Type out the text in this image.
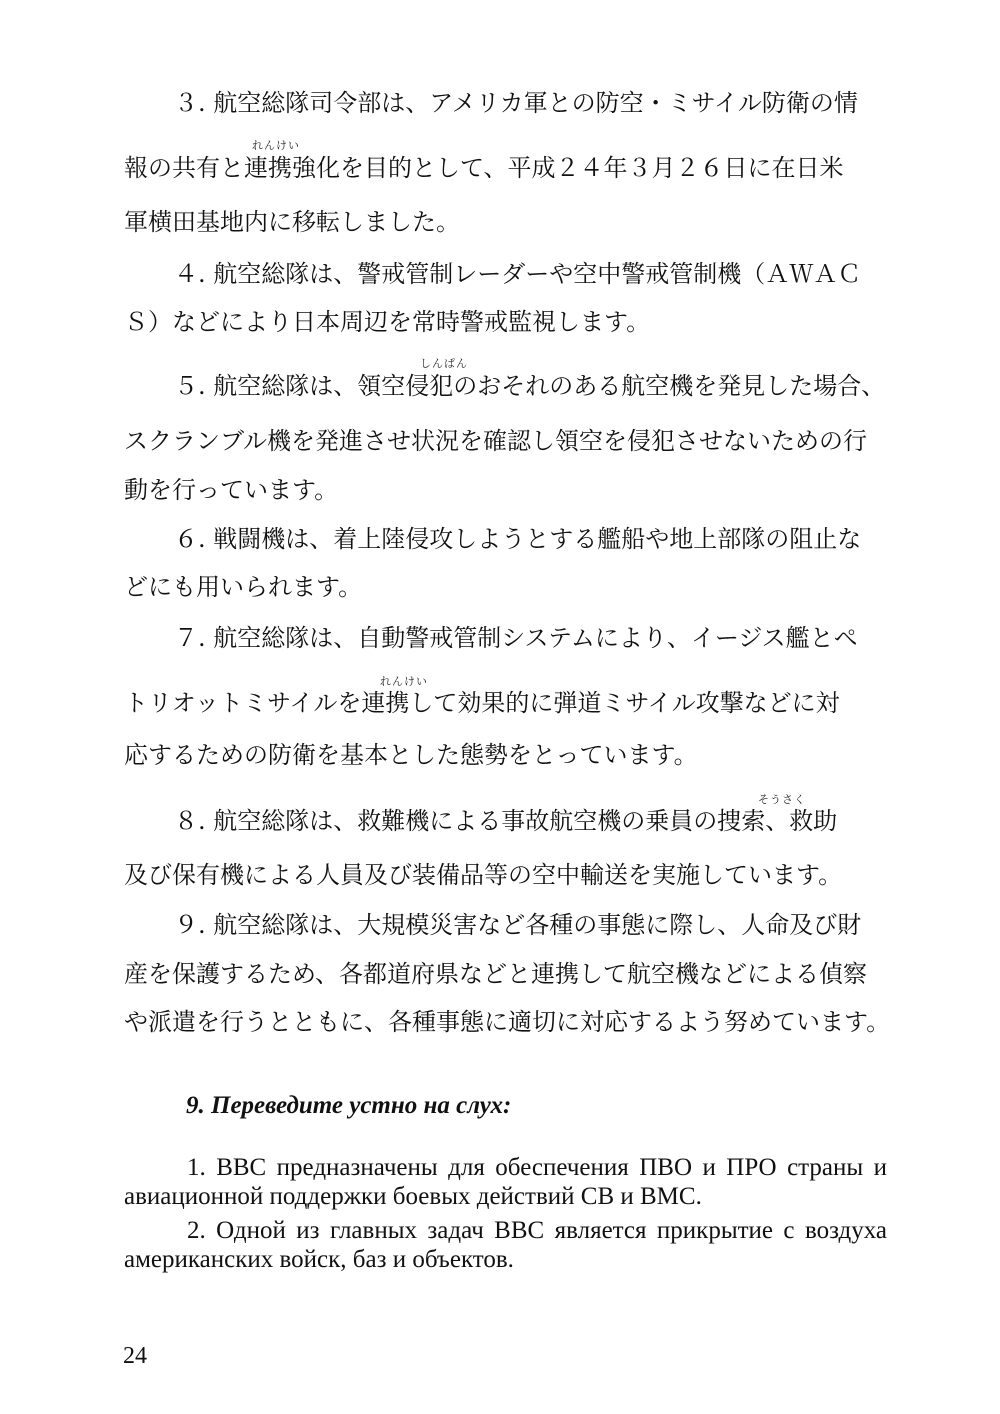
れんけい
しんぱん
れんけい
そうさく

　　３. 航空総隊司令部は、アメリカ軍との防空・ミサイル防衛の情

報の共有と連携強化を目的として、平成２４年３月２６日に在日米

軍横田基地内に移転しました。

　　４. 航空総隊は、警戒管制レーダーや空中警戒管制機（ＡＷＡＣ

Ｓ）などにより日本周辺を常時警戒監視します。

　　５. 航空総隊は、領空侵犯のおそれのある航空機を発見した場合、

スクランブル機を発進させ状況を確認し領空を侵犯させないための行

動を行っています。

　　６. 戦闘機は、着上陸侵攻しようとする艦船や地上部隊の阻止な

どにも用いられます。

　　７. 航空総隊は、自動警戒管制システムにより、イージス艦とペ

トリオットミサイルを連携して効果的に弾道ミサイル攻撃などに対

応するための防衛を基本とした態勢をとっています。

　　８. 航空総隊は、救難機による事故航空機の乗員の捜索、救助

及び保有機による人員及び装備品等の空中輸送を実施しています。

　　９. 航空総隊は、大規模災害など各種の事態に際し、人命及び財

産を保護するため、各都道府県などと連携して航空機などによる偵察

や派遣を行うとともに、各種事態に適切に対応するよう努めています。

9. Переведите устно на слух:

1. ВВС предназначены для обеспечения ПВО и ПРО страны и авиационной поддержки боевых действий СВ и ВМС.

2. Одной из главных задач ВВС является прикрытие с воздуха американских войск, баз и объектов.

24
